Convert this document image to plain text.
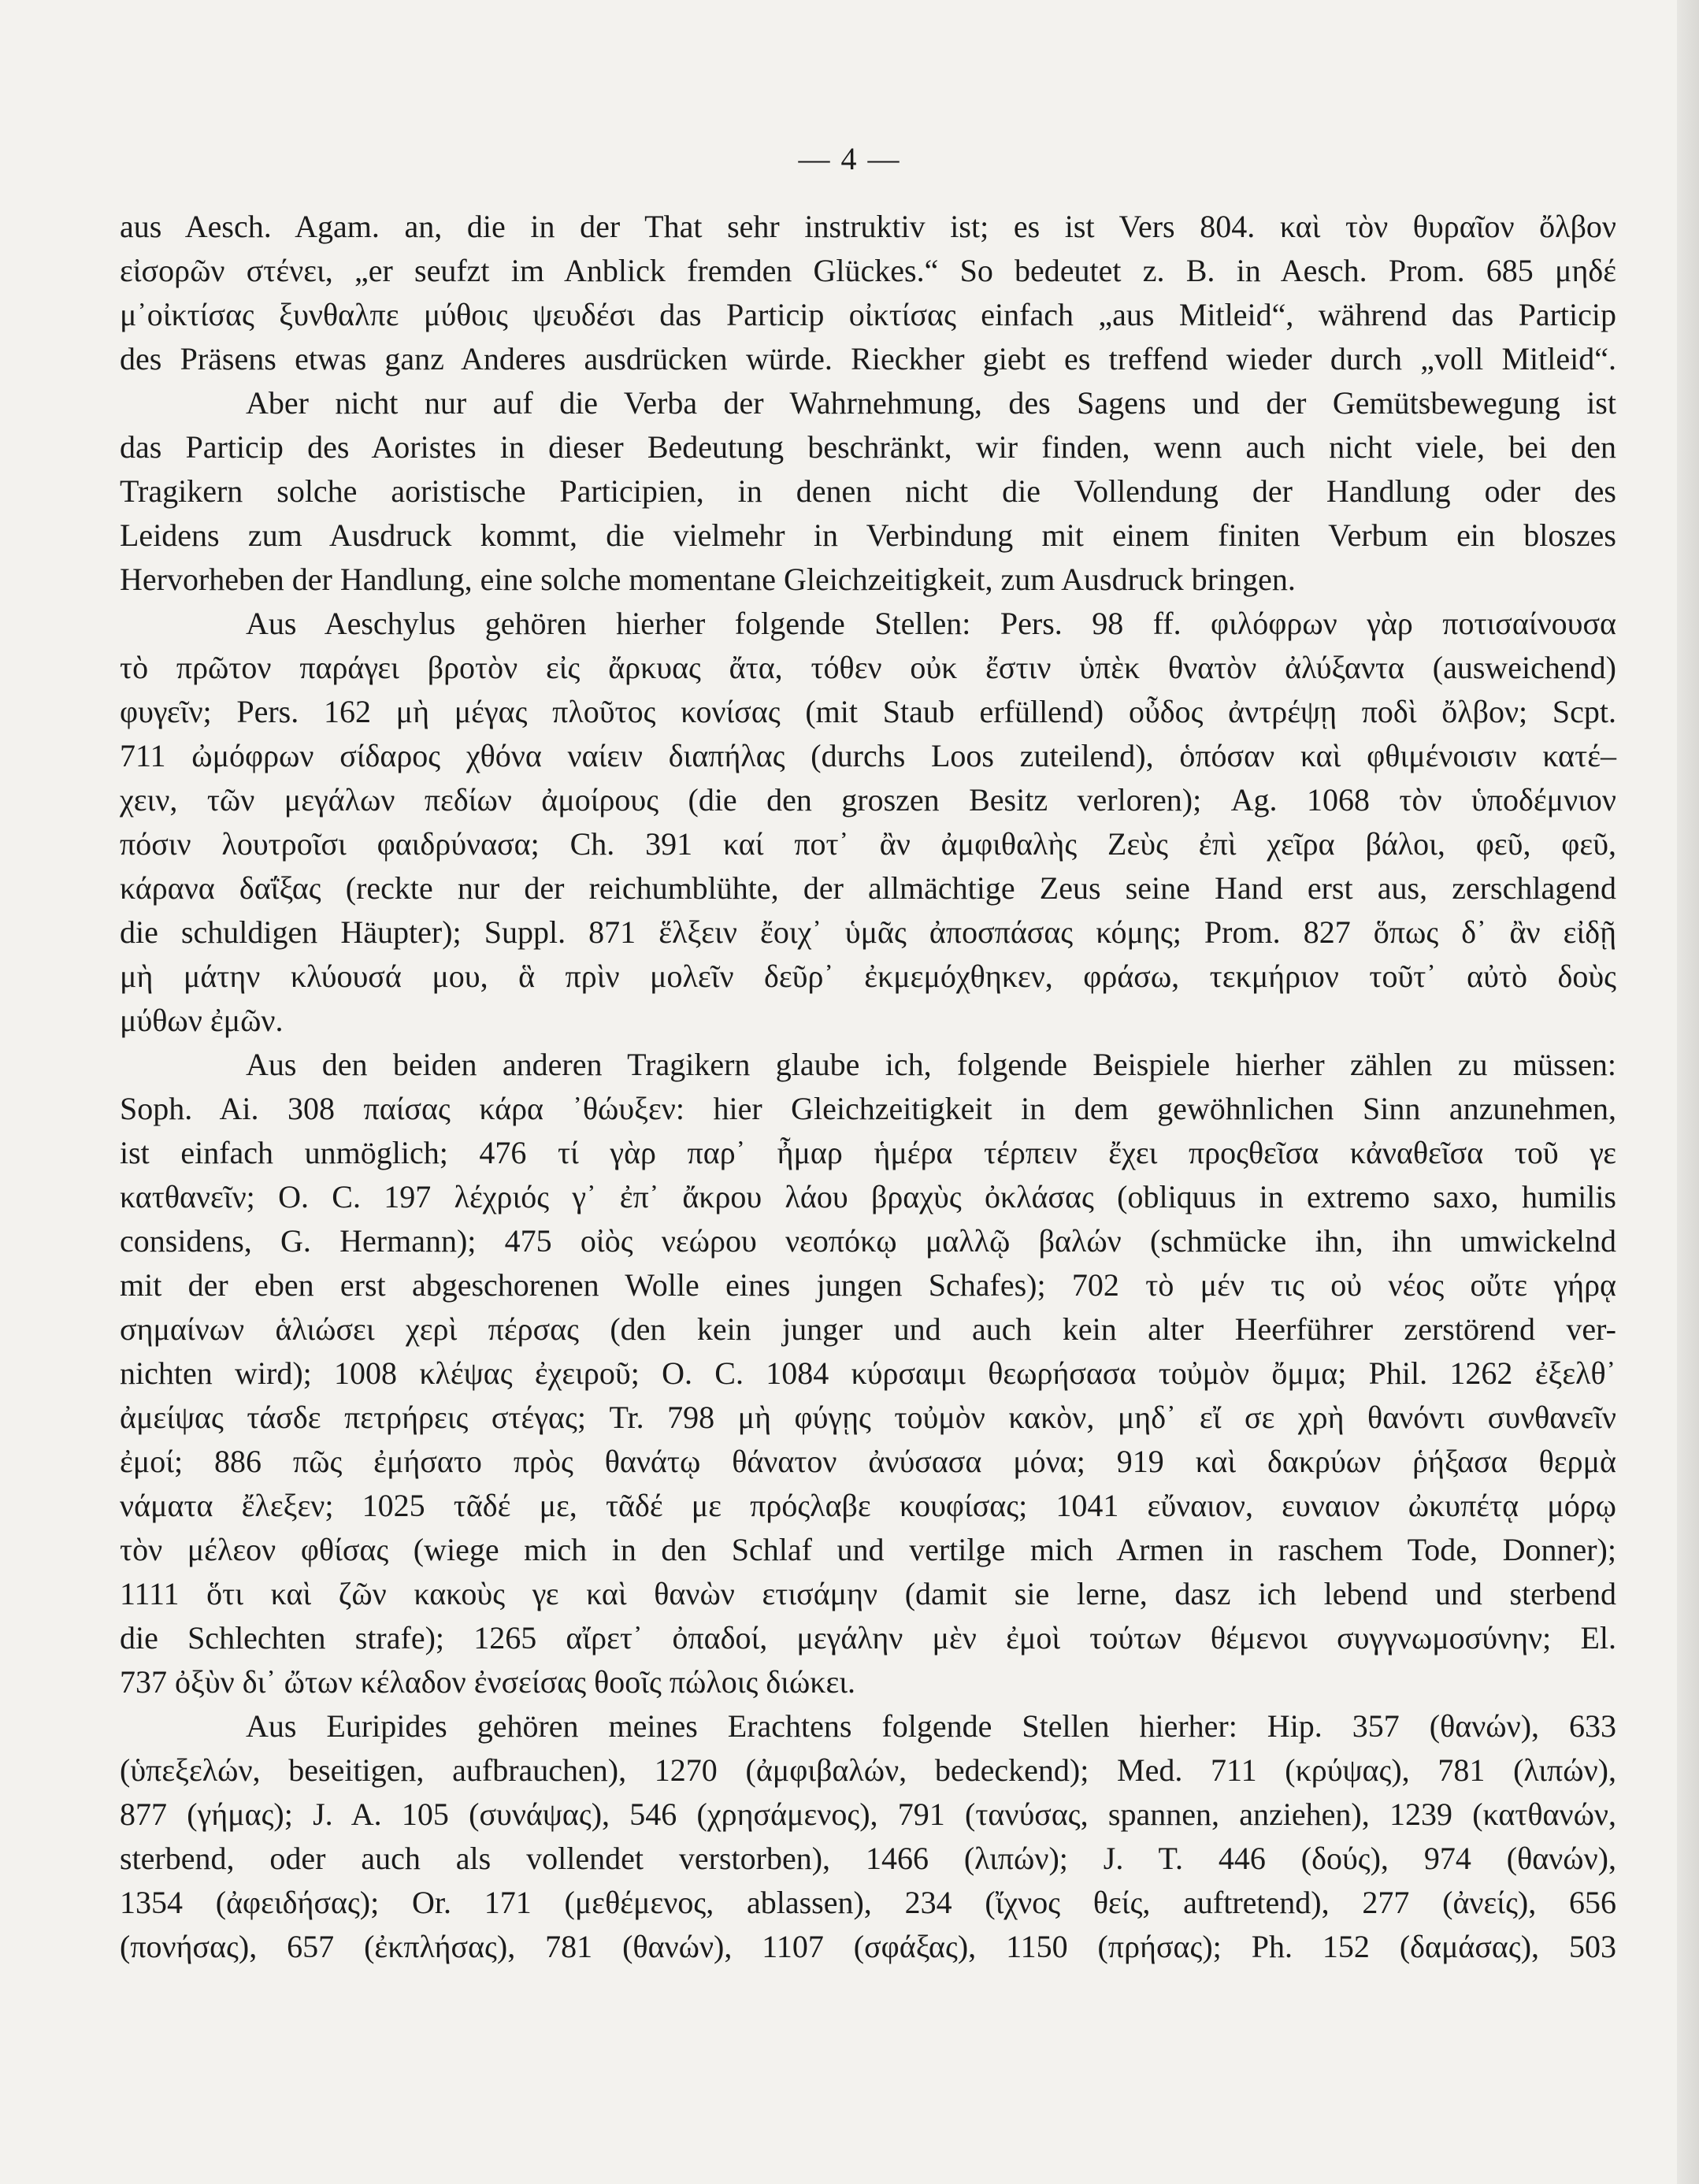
— 4 —
aus Aesch. Agam. an, die in der That sehr instruktiv ist; es ist Vers 804. καὶ τὸν θυραῖον ὄλβον
εἰσορῶν στένει, „er seufzt im Anblick fremden Glückes.“ So bedeutet z. B. in Aesch. Prom. 685 μηδέ
μ᾽οἰκτίσας ξυνθαλπε μύθοις ψευδέσι das Particip οἰκτίσας einfach „aus Mitleid“, während das Particip
des Präsens etwas ganz Anderes ausdrücken würde. Rieckher giebt es treffend wieder durch „voll Mitleid“.
Aber nicht nur auf die Verba der Wahrnehmung, des Sagens und der Gemütsbewegung ist
das Particip des Aoristes in dieser Bedeutung beschränkt, wir finden, wenn auch nicht viele, bei den
Tragikern solche aoristische Participien, in denen nicht die Vollendung der Handlung oder des
Leidens zum Ausdruck kommt, die vielmehr in Verbindung mit einem finiten Verbum ein bloszes
Hervorheben der Handlung, eine solche momentane Gleichzeitigkeit, zum Ausdruck bringen.
Aus Aeschylus gehören hierher folgende Stellen: Pers. 98 ff. φιλόφρων γὰρ ποτισαίνουσα
τὸ πρῶτον παράγει βροτὸν εἰς ἄρκυας ἄτα, τόθεν οὐκ ἔστιν ὑπὲκ θνατὸν ἀλύξαντα (ausweichend)
φυγεῖν; Pers. 162 μὴ μέγας πλοῦτος κονίσας (mit Staub erfüllend) οὖδος ἀντρέψῃ ποδὶ ὄλβον; Scpt.
711 ὠμόφρων σίδαρος χθόνα ναίειν διαπήλας (durchs Loos zuteilend), ὁπόσαν καὶ φθιμένοισιν κατέ–
χειν, τῶν μεγάλων πεδίων ἀμοίρους (die den groszen Besitz verloren); Ag. 1068 τὸν ὑποδέμνιον
πόσιν λουτροῖσι φαιδρύνασα; Ch. 391 καί ποτ᾽ ἂν ἀμφιθαλὴς Ζεὺς ἐπὶ χεῖρα βάλοι, φεῦ, φεῦ,
κάρανα δαΐξας (reckte nur der reichumblühte, der allmächtige Zeus seine Hand erst aus, zerschlagend
die schuldigen Häupter); Suppl. 871 ἕλξειν ἔοιχ᾽ ὑμᾶς ἀποσπάσας κόμης; Prom. 827 ὅπως δ᾽ ἂν εἰδῇ
μὴ μάτην κλύουσά μου, ἃ πρὶν μολεῖν δεῦρ᾽ ἐκμεμόχθηκεν, φράσω, τεκμήριον τοῦτ᾽ αὐτὸ δοὺς
μύθων ἐμῶν.
Aus den beiden anderen Tragikern glaube ich, folgende Beispiele hierher zählen zu müssen:
Soph. Ai. 308 παίσας κάρα ᾽θώυξεν: hier Gleichzeitigkeit in dem gewöhnlichen Sinn anzunehmen,
ist einfach unmöglich; 476 τί γὰρ παρ᾽ ἦμαρ ἡμέρα τέρπειν ἔχει προςθεῖσα κἀναθεῖσα τοῦ γε
κατθανεῖν; O. C. 197 λέχριός γ᾽ ἐπ᾽ ἄκρου λάου βραχὺς ὀκλάσας (obliquus in extremo saxo, humilis
considens, G. Hermann); 475 οἰὸς νεώρου νεοπόκῳ μαλλῷ βαλών (schmücke ihn, ihn umwickelnd
mit der eben erst abgeschorenen Wolle eines jungen Schafes); 702 τὸ μέν τις οὐ νέος οὔτε γήρᾳ
σημαίνων ἁλιώσει χερὶ πέρσας (den kein junger und auch kein alter Heerführer zerstörend ver-
nichten wird); 1008 κλέψας ἐχειροῦ; O. C. 1084 κύρσαιμι θεωρήσασα τοὐμὸν ὄμμα; Phil. 1262 ἐξελθ᾽
ἀμείψας τάσδε πετρήρεις στέγας; Tr. 798 μὴ φύγῃς τοὐμὸν κακὸν, μηδ᾽ εἴ σε χρὴ θανόντι συνθανεῖν
ἐμοί; 886 πῶς ἐμήσατο πρὸς θανάτῳ θάνατον ἀνύσασα μόνα; 919 καὶ δακρύων ῥήξασα θερμὰ
νάματα ἔλεξεν; 1025 τᾶδέ με, τᾶδέ με πρόςλαβε κουφίσας; 1041 εὔναιον, ευναιον ὠκυπέτᾳ μόρῳ
τὸν μέλεον φθίσας (wiege mich in den Schlaf und vertilge mich Armen in raschem Tode, Donner);
1111 ὅτι καὶ ζῶν κακοὺς γε καὶ θανὼν ετισάμην (damit sie lerne, dasz ich lebend und sterbend
die Schlechten strafe); 1265 αἴρετ᾽ ὀπαδοί, μεγάλην μὲν ἐμοὶ τούτων θέμενοι συγγνωμοσύνην; El.
737 ὀξὺν δι᾽ ὤτων κέλαδον ἐνσείσας θοοῖς πώλοις διώκει.
Aus Euripides gehören meines Erachtens folgende Stellen hierher: Hip. 357 (θανών), 633
(ὑπεξελών, beseitigen, aufbrauchen), 1270 (ἀμφιβαλών, bedeckend); Med. 711 (κρύψας), 781 (λιπών),
877 (γήμας); J. A. 105 (συνάψας), 546 (χρησάμενος), 791 (τανύσας, spannen, anziehen), 1239 (κατθανών,
sterbend, oder auch als vollendet verstorben), 1466 (λιπών); J. T. 446 (δούς), 974 (θανών),
1354 (ἀφειδήσας); Or. 171 (μεθέμενος, ablassen), 234 (ἴχνος θείς, auftretend), 277 (ἀνείς), 656
(πονήσας), 657 (ἐκπλήσας), 781 (θανών), 1107 (σφάξας), 1150 (πρήσας); Ph. 152 (δαμάσας), 503
